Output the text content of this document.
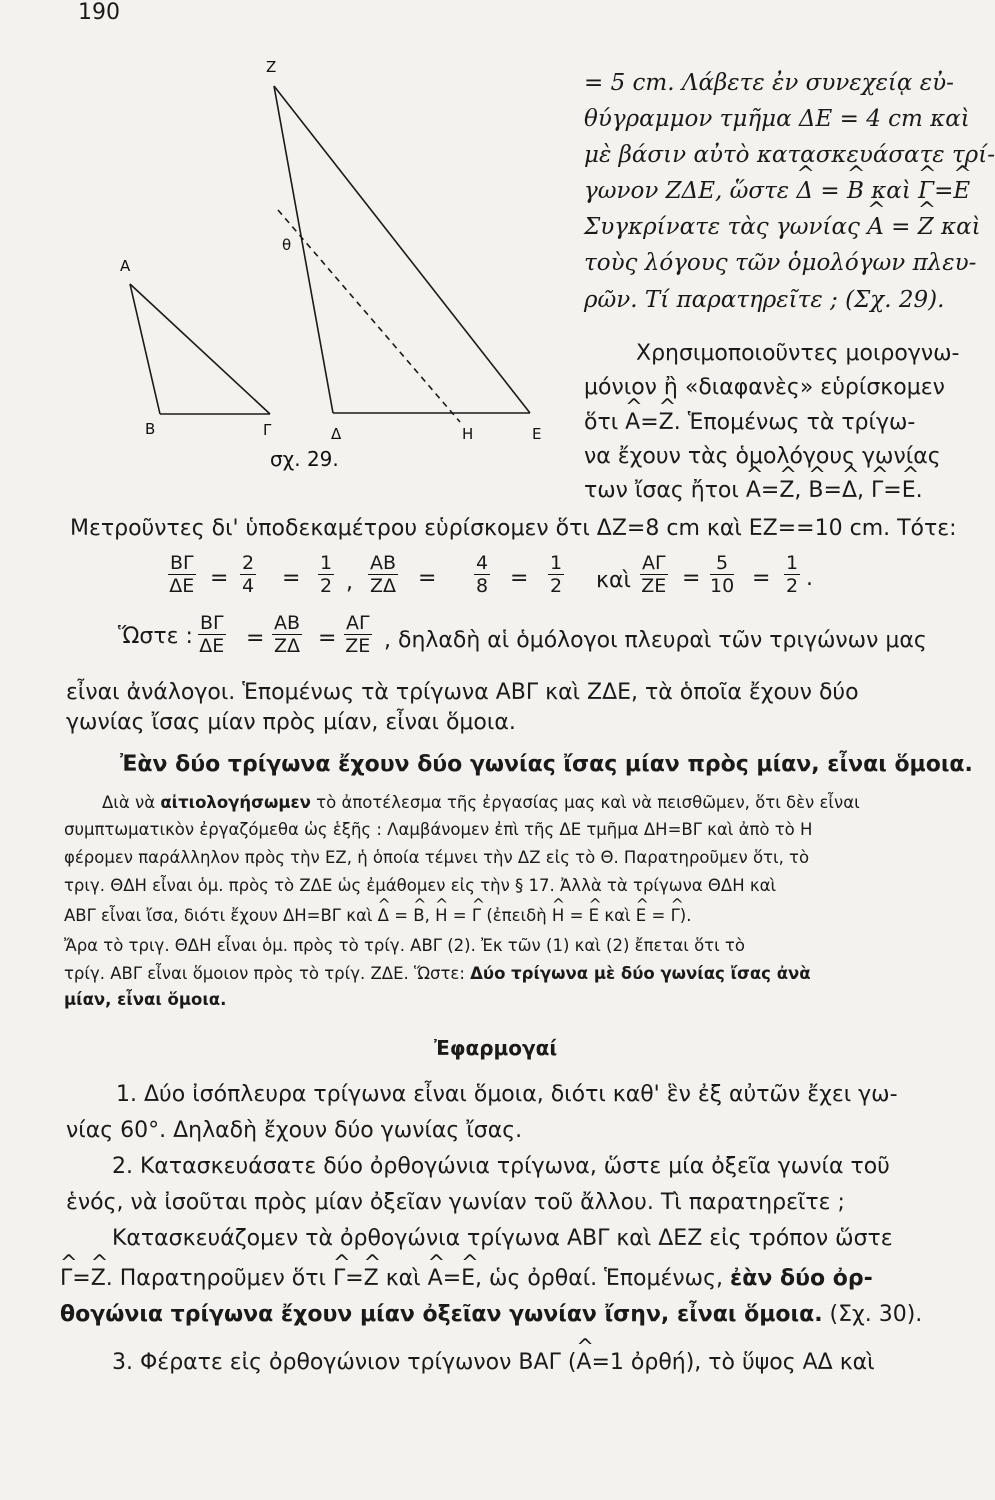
190
Z
A
θ
B	Γ	Δ	H	E
σχ. 29.
= 5 cm. Λάβετε ἐν συνεχείᾳ εὐ-
θύγραμμον τμῆμα ΔΕ = 4 cm καὶ
μὲ βάσιν αὐτὸ κατασκευάσατε τρί-
γωνον ΖΔΕ, ὥστε ^ Δ = ^ Β καὶ ^ Γ=^ Ε
Συγκρίνατε τὰς γωνίας ^ Α = ^ Ζ καὶ
τοὺς λόγους τῶν ὁμολόγων πλευ-
ρῶν. Τί παρατηρεῖτε ; (Σχ. 29).
Χρησιμοποιοῦντες μοιρογνω-
μόνιον ἢ «διαφανὲς» εὑρίσκομεν
ὅτι ^ Α=^ Ζ. Ἑπομένως τὰ τρίγω-
να ἔχουν τὰς ὁμολόγους γωνίας
των ἴσας ἤτοι ^ Α=^ Ζ, ^ Β=^ Δ, ^ Γ=^ Ε.
Μετροῦντες δι' ὑποδεκαμέτρου εὑρίσκομεν ὅτι ΔΖ=8 cm καὶ ΕΖ==10 cm. Τότε:
$\frac{B\Gamma}{\Delta E} = \frac{2}{4} = \frac{1}{2}$ , $\frac{AB}{Z\Delta} = \frac{4}{8} = \frac{1}{2}$ καὶ $\frac{A\Gamma}{ZE} = \frac{5}{10} = \frac{1}{2}$ .
Ὥστε : $\frac{B\Gamma}{\Delta E} = \frac{AB}{Z\Delta} = \frac{A\Gamma}{ZE}$ , δηλαδὴ αἱ ὁμόλογοι πλευραὶ τῶν τριγώνων μας
εἶναι ἀνάλογοι. Ἑπομένως τὰ τρίγωνα ΑΒΓ καὶ ΖΔΕ, τὰ ὁποῖα ἔχουν δύο
γωνίας ἴσας μίαν πρὸς μίαν, εἶναι ὅμοια.
Ἐὰν δύο τρίγωνα ἔχουν δύο γωνίας ἴσας μίαν πρὸς μίαν, εἶναι ὅμοια.
Διὰ νὰ αἰτιολογήσωμεν τὸ ἀποτέλεσμα τῆς ἐργασίας μας καὶ νὰ πεισθῶμεν, ὅτι δὲν εἶναι
συμπτωματικὸν ἐργαζόμεθα ὡς ἑξῆς : Λαμβάνομεν ἐπὶ τῆς ΔΕ τμῆμα ΔΗ=ΒΓ καὶ ἀπὸ τὸ Η
φέρομεν παράλληλον πρὸς τὴν ΕΖ, ἡ ὁποία τέμνει τὴν ΔΖ εἰς τὸ Θ. Παρατηροῦμεν ὅτι, τὸ
τριγ. ΘΔΗ εἶναι ὁμ. πρὸς τὸ ΖΔΕ ὡς ἐμάθομεν εἰς τὴν § 17. Ἀλλὰ τὰ τρίγωνα ΘΔΗ καὶ
ΑΒΓ εἶναι ἴσα, διότι ἔχουν ΔΗ=ΒΓ καὶ ^ Δ = ^ Β, ^ Η = ^ Γ (ἐπειδὴ ^ Η = ^ Ε καὶ ^ Ε = ^ Γ).
Ἄρα τὸ τριγ. ΘΔΗ εἶναι ὁμ. πρὸς τὸ τρίγ. ΑΒΓ (2). Ἐκ τῶν (1) καὶ (2) ἔπεται ὅτι τὸ
τρίγ. ΑΒΓ εἶναι ὅμοιον πρὸς τὸ τρίγ. ΖΔΕ. Ὥστε: Δύο τρίγωνα μὲ δύο γωνίας ἴσας ἀνὰ
μίαν, εἶναι ὅμοια.
Ἐφαρμογαί
1. Δύο ἰσόπλευρα τρίγωνα εἶναι ὅμοια, διότι καθ' ἓν ἐξ αὐτῶν ἔχει γω-
νίας 60°. Δηλαδὴ ἔχουν δύο γωνίας ἴσας.
2. Κατασκευάσατε δύο ὀρθογώνια τρίγωνα, ὥστε μία ὀξεῖα γωνία τοῦ
ἑνός, νὰ ἰσοῦται πρὸς μίαν ὀξεῖαν γωνίαν τοῦ ἄλλου. Τὶ παρατηρεῖτε ;
Κατασκευάζομεν τὰ ὀρθογώνια τρίγωνα ΑΒΓ καὶ ΔΕΖ εἰς τρόπον ὥστε
^ Γ=^ Ζ. Παρατηροῦμεν ὅτι ^ Γ=^ Ζ καὶ ^ Α=^ Ε, ὡς ὀρθαί. Ἑπομένως, ἐὰν δύο ὀρ-
θογώνια τρίγωνα ἔχουν μίαν ὀξεῖαν γωνίαν ἴσην, εἶναι ὅμοια. (Σχ. 30).
3. Φέρατε εἰς ὀρθογώνιον τρίγωνον ΒΑΓ (^ Α=1 ὀρθή), τὸ ὕψος ΑΔ καὶ
